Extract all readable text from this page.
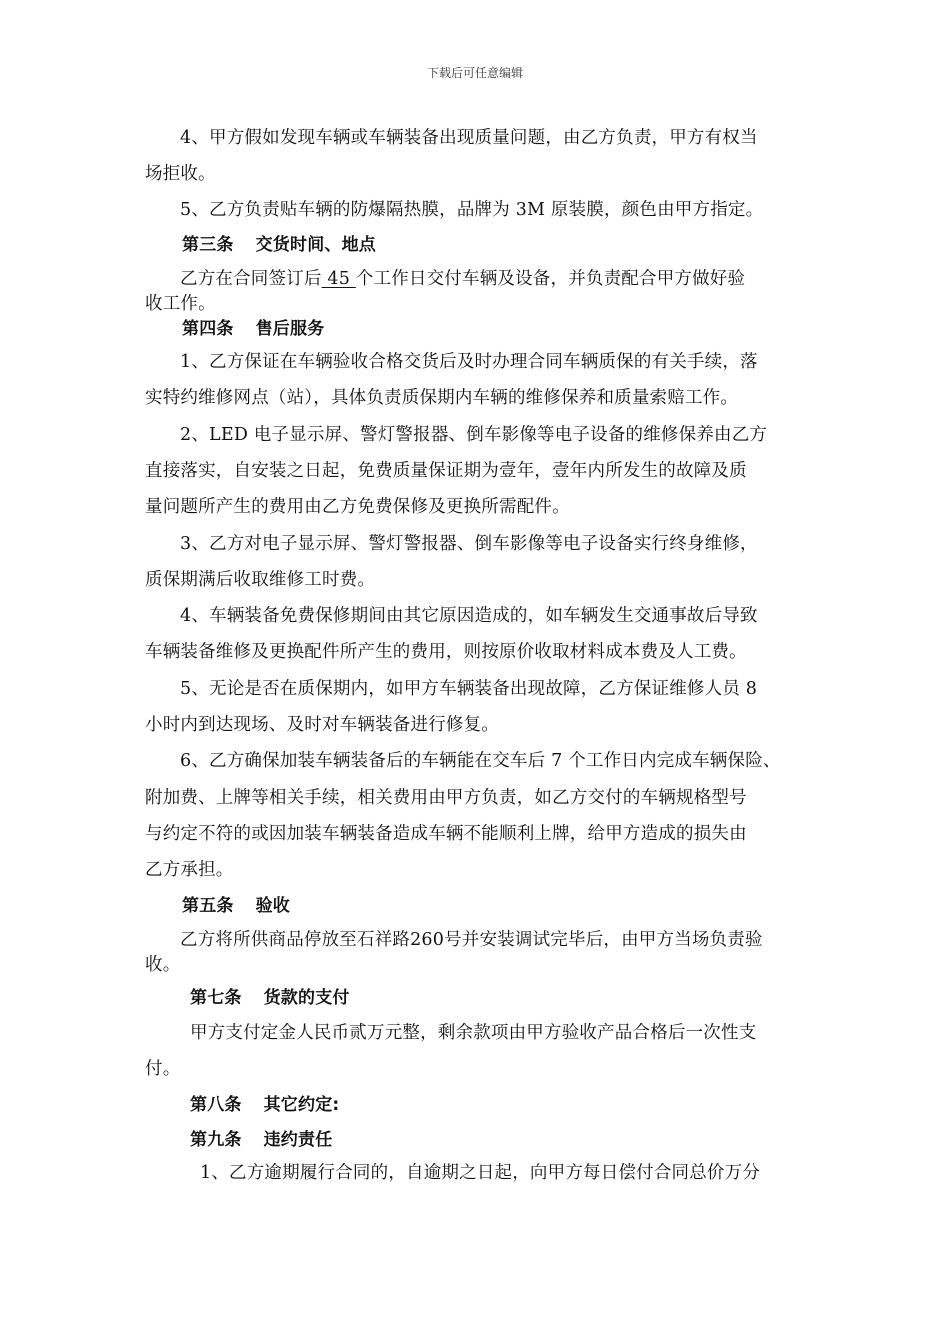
下载后可任意编辑
4、甲方假如发现车辆或车辆装备出现质量问题，由乙方负责，甲方有权当
场拒收。
5、乙方负责贴车辆的防爆隔热膜，品牌为 3M 原装膜，颜色由甲方指定。
第三条 交货时间、地点
乙方在合同签订后 45 个工作日交付车辆及设备，并负责配合甲方做好验
收工作。
第四条 售后服务
1、乙方保证在车辆验收合格交货后及时办理合同车辆质保的有关手续，落
实特约维修网点（站），具体负责质保期内车辆的维修保养和质量索赔工作。
2、LED 电子显示屏、警灯警报器、倒车影像等电子设备的维修保养由乙方
直接落实，自安装之日起，免费质量保证期为壹年，壹年内所发生的故障及质
量问题所产生的费用由乙方免费保修及更换所需配件。
3、乙方对电子显示屏、警灯警报器、倒车影像等电子设备实行终身维修，
质保期满后收取维修工时费。
4、车辆装备免费保修期间由其它原因造成的，如车辆发生交通事故后导致
车辆装备维修及更换配件所产生的费用，则按原价收取材料成本费及人工费。
5、无论是否在质保期内，如甲方车辆装备出现故障，乙方保证维修人员 8
小时内到达现场、及时对车辆装备进行修复。
6、乙方确保加装车辆装备后的车辆能在交车后 7 个工作日内完成车辆保险、
附加费、上牌等相关手续，相关费用由甲方负责，如乙方交付的车辆规格型号
与约定不符的或因加装车辆装备造成车辆不能顺利上牌，给甲方造成的损失由
乙方承担。
第五条 验收
乙方将所供商品停放至石祥路260号并安装调试完毕后，由甲方当场负责验
收。
第七条 货款的支付
甲方支付定金人民币贰万元整，剩余款项由甲方验收产品合格后一次性支
付。
第八条 其它约定:
第九条 违约责任
1、乙方逾期履行合同的，自逾期之日起，向甲方每日偿付合同总价万分
